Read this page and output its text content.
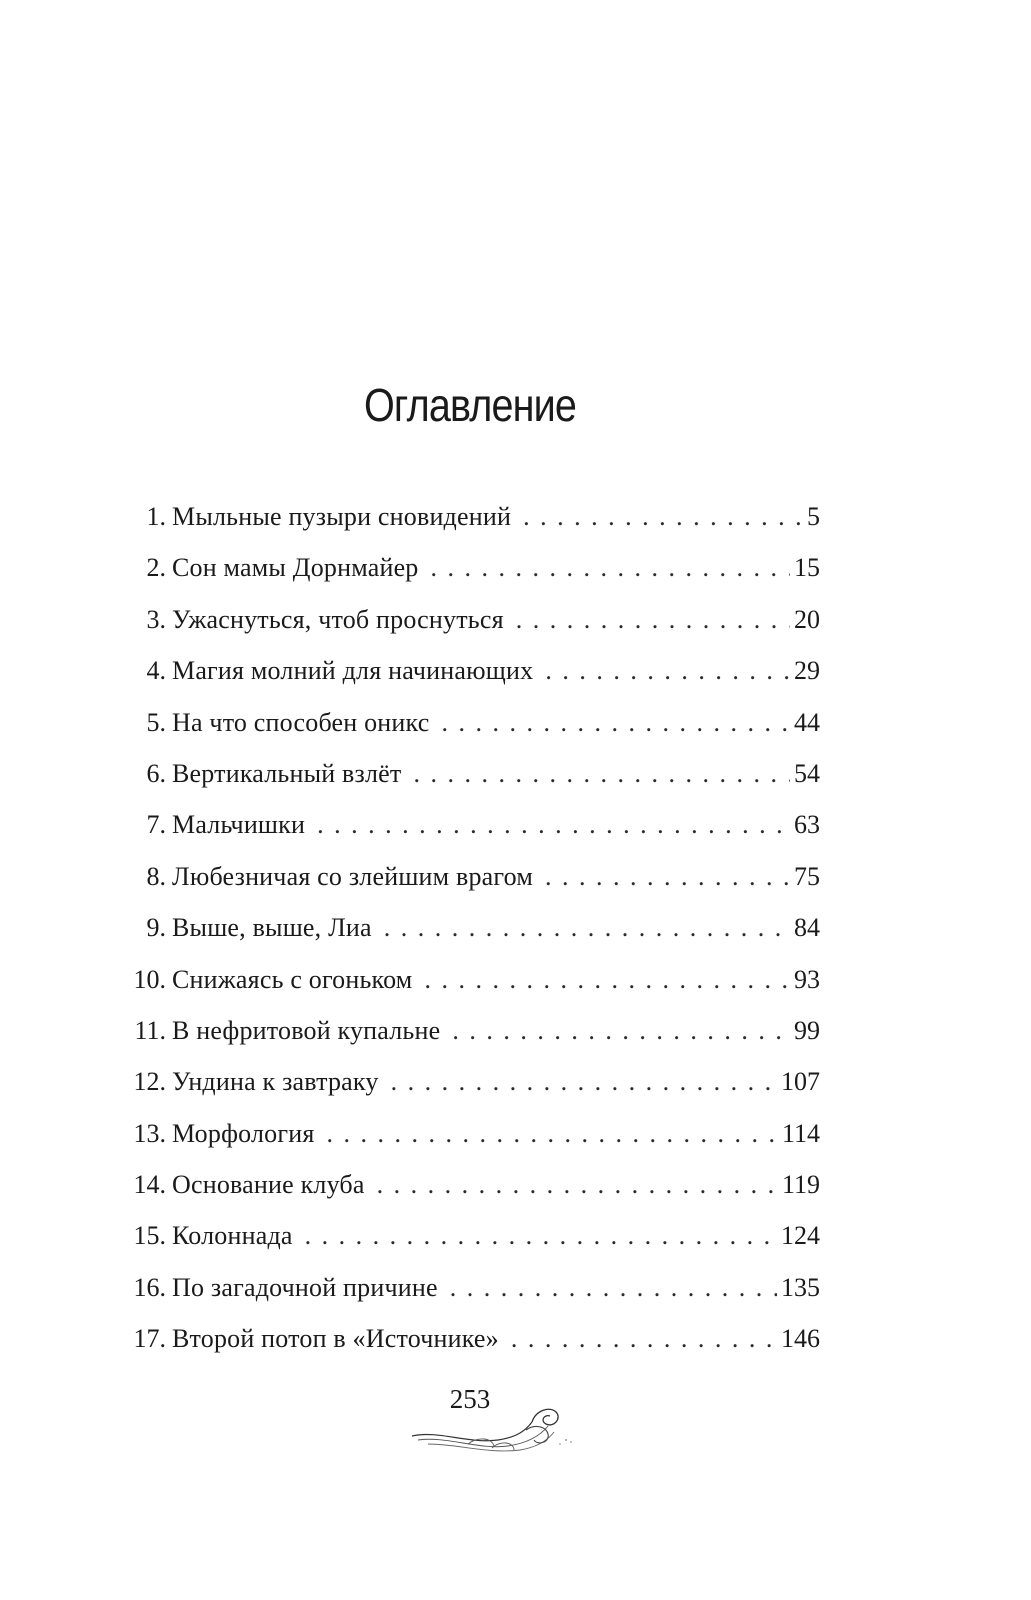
Оглавление
1. Мыльные пузыри сновидений . . .	5
2. Сон мамы Дорнмайер . . .	15
3. Ужаснуться, чтоб проснуться . . .	20
4. Магия молний для начинающих . . .	29
5. На что способен оникс . . .	44
6. Вертикальный взлёт . . .	54
7. Мальчишки . . .	63
8. Любезничая со злейшим врагом . . .	75
9. Выше, выше, Лиа . . .	84
10. Снижаясь с огоньком . . .	93
11. В нефритовой купальне . . .	99
12. Ундина к завтраку . . .	107
13. Морфология . . .	114
14. Основание клуба . . .	119
15. Колоннада . . .	124
16. По загадочной причине . . .	135
17. Второй потоп в «Источнике» . . .	146
253
